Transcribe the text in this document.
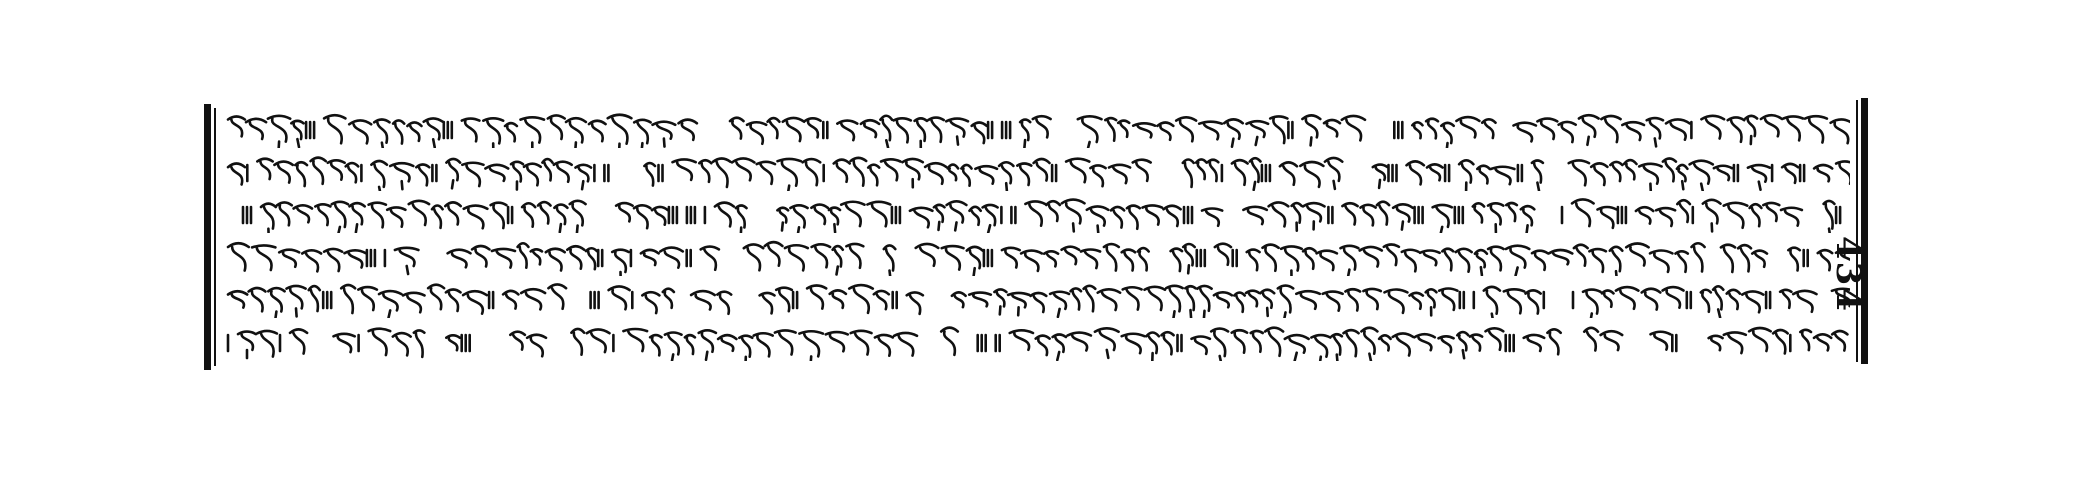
434
